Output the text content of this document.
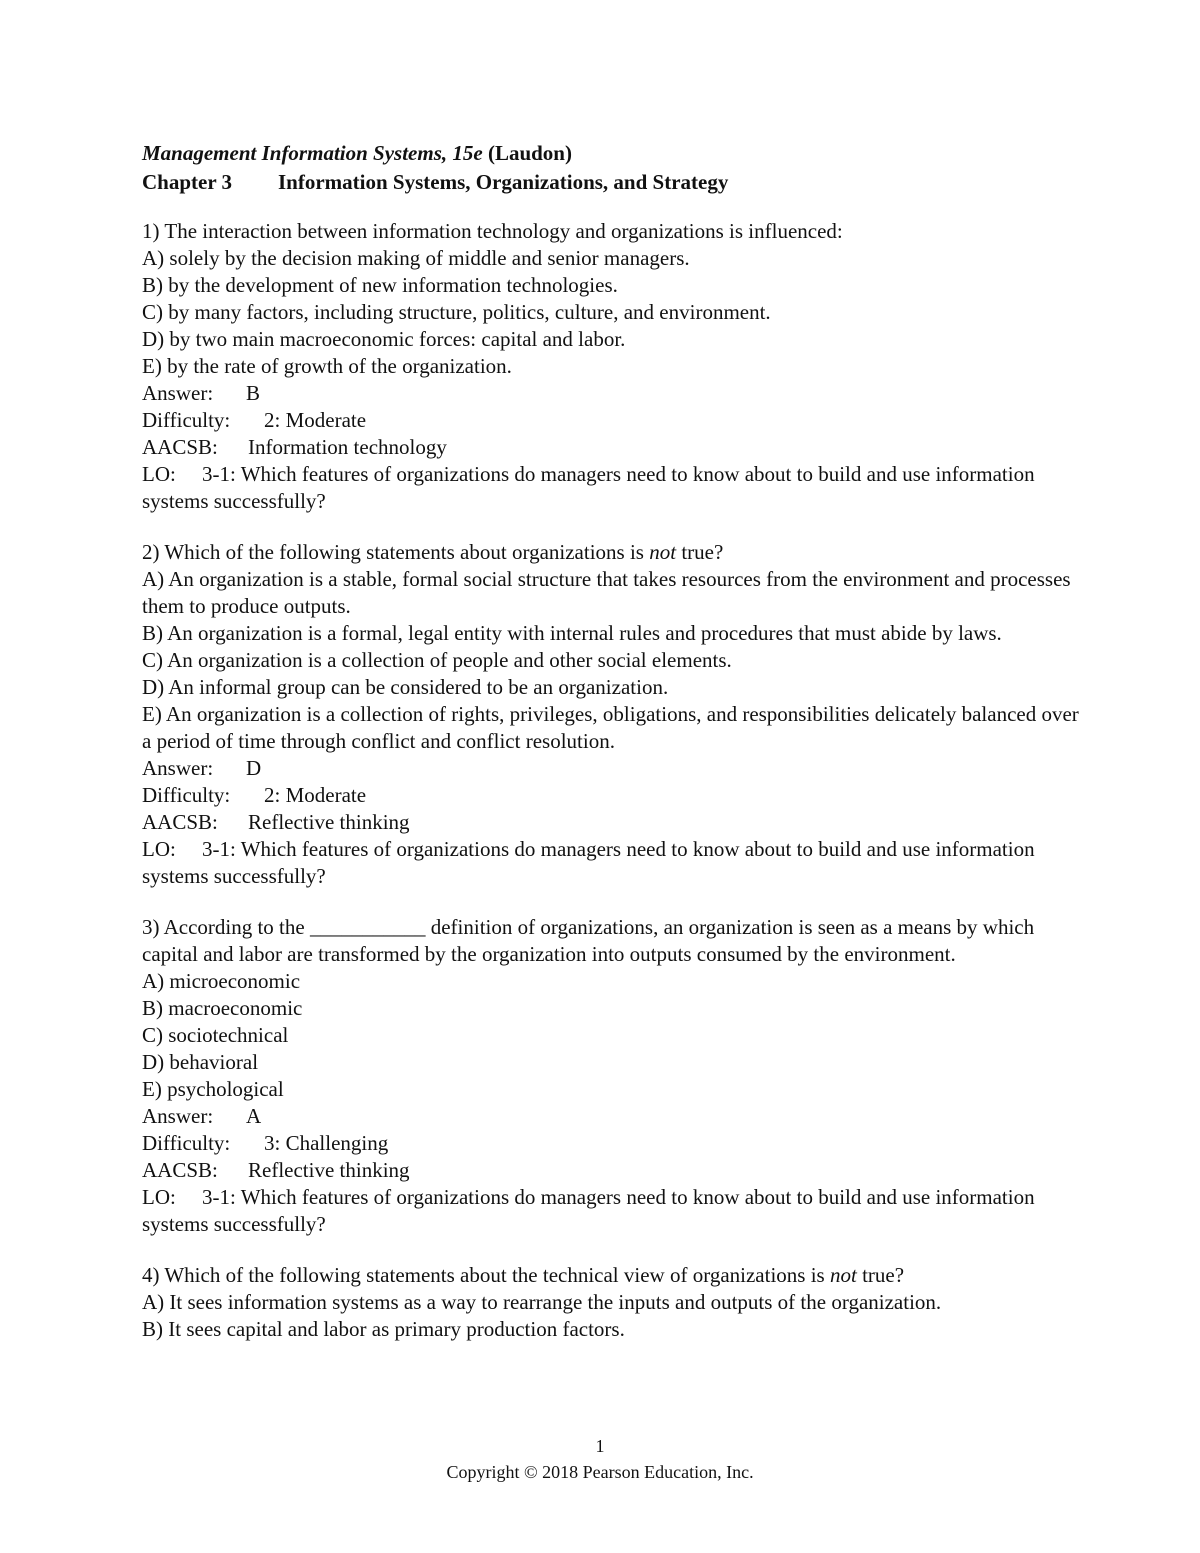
Management Information Systems, 15e (Laudon)
Chapter 3 Information Systems, Organizations, and Strategy
1) The interaction between information technology and organizations is influenced:
A) solely by the decision making of middle and senior managers.
B) by the development of new information technologies.
C) by many factors, including structure, politics, culture, and environment.
D) by two main macroeconomic forces: capital and labor.
E) by the rate of growth of the organization.
Answer: B
Difficulty: 2: Moderate
AACSB: Information technology
LO: 3-1: Which features of organizations do managers need to know about to build and use information systems successfully?
2) Which of the following statements about organizations is not true?
A) An organization is a stable, formal social structure that takes resources from the environment and processes them to produce outputs.
B) An organization is a formal, legal entity with internal rules and procedures that must abide by laws.
C) An organization is a collection of people and other social elements.
D) An informal group can be considered to be an organization.
E) An organization is a collection of rights, privileges, obligations, and responsibilities delicately balanced over a period of time through conflict and conflict resolution.
Answer: D
Difficulty: 2: Moderate
AACSB: Reflective thinking
LO: 3-1: Which features of organizations do managers need to know about to build and use information systems successfully?
3) According to the ___________ definition of organizations, an organization is seen as a means by which capital and labor are transformed by the organization into outputs consumed by the environment.
A) microeconomic
B) macroeconomic
C) sociotechnical
D) behavioral
E) psychological
Answer: A
Difficulty: 3: Challenging
AACSB: Reflective thinking
LO: 3-1: Which features of organizations do managers need to know about to build and use information systems successfully?
4) Which of the following statements about the technical view of organizations is not true?
A) It sees information systems as a way to rearrange the inputs and outputs of the organization.
B) It sees capital and labor as primary production factors.
1
Copyright © 2018 Pearson Education, Inc.
